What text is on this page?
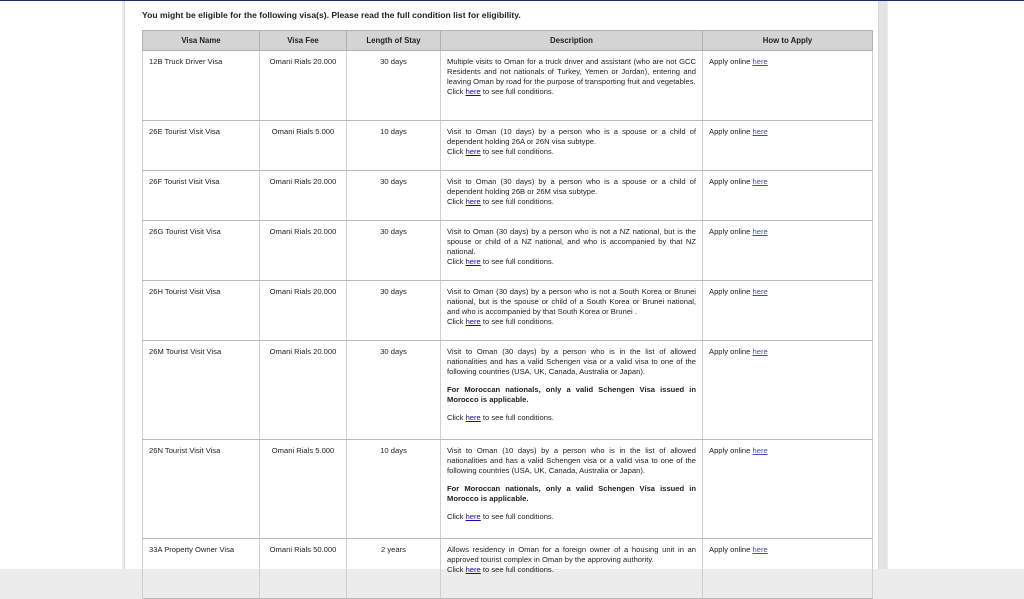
You might be eligible for the following visa(s). Please read the full condition list for eligibility.
Visa Name	Visa Fee	Length of Stay	Description	How to Apply
12B Truck Driver Visa	Omani Rials 20.000	30 days	Multiple visits to Oman for a truck driver and assistant (who are not GCC Residents and not nationals of Turkey, Yemen or Jordan), entering and leaving Oman by road for the purpose of transporting fruit and vegetables.

Click here to see full conditions.	Apply online here
26E Tourist Visit Visa	Omani Rials 5.000	10 days	Visit to Oman (10 days) by a person who is a spouse or a child of dependent holding 26A or 26N visa subtype.

Click here to see full conditions.	Apply online here
26F Tourist Visit Visa	Omani Rials 20.000	30 days	Visit to Oman (30 days) by a person who is a spouse or a child of dependent holding 26B or 26M visa subtype.

Click here to see full conditions.	Apply online here
26G Tourist Visit Visa	Omani Rials 20.000	30 days	Visit to Oman (30 days) by a person who is not a NZ national, but is the spouse or child of a NZ national, and who is accompanied by that NZ national.

Click here to see full conditions.	Apply online here
26H Tourist Visit Visa	Omani Rials 20.000	30 days	Visit to Oman (30 days) by a person who is not a South Korea or Brunei national, but is the spouse or child of a South Korea or Brunei national, and who is accompanied by that South Korea or Brunei .

Click here to see full conditions.	Apply online here
26M Tourist Visit Visa	Omani Rials 20.000	30 days	Visit to Oman (30 days) by a person who is in the list of allowed nationalities and has a valid Schengen visa or a valid visa to one of the following countries (USA, UK, Canada, Australia or Japan).

For Moroccan nationals, only a valid Schengen Visa issued in Morocco is applicable.

Click here to see full conditions.	Apply online here
26N Tourist Visit Visa	Omani Rials 5.000	10 days	Visit to Oman (10 days) by a person who is in the list of allowed nationalities and has a valid Schengen visa or a valid visa to one of the following countries (USA, UK, Canada, Australia or Japan).

For Moroccan nationals, only a valid Schengen Visa issued in Morocco is applicable.

Click here to see full conditions.	Apply online here
33A Property Owner Visa	Omani Rials 50.000	2 years	Allows residency in Oman for a foreign owner of a housing unit in an approved tourist complex in Oman by the approving authority.

Click here to see full conditions.	Apply online here
